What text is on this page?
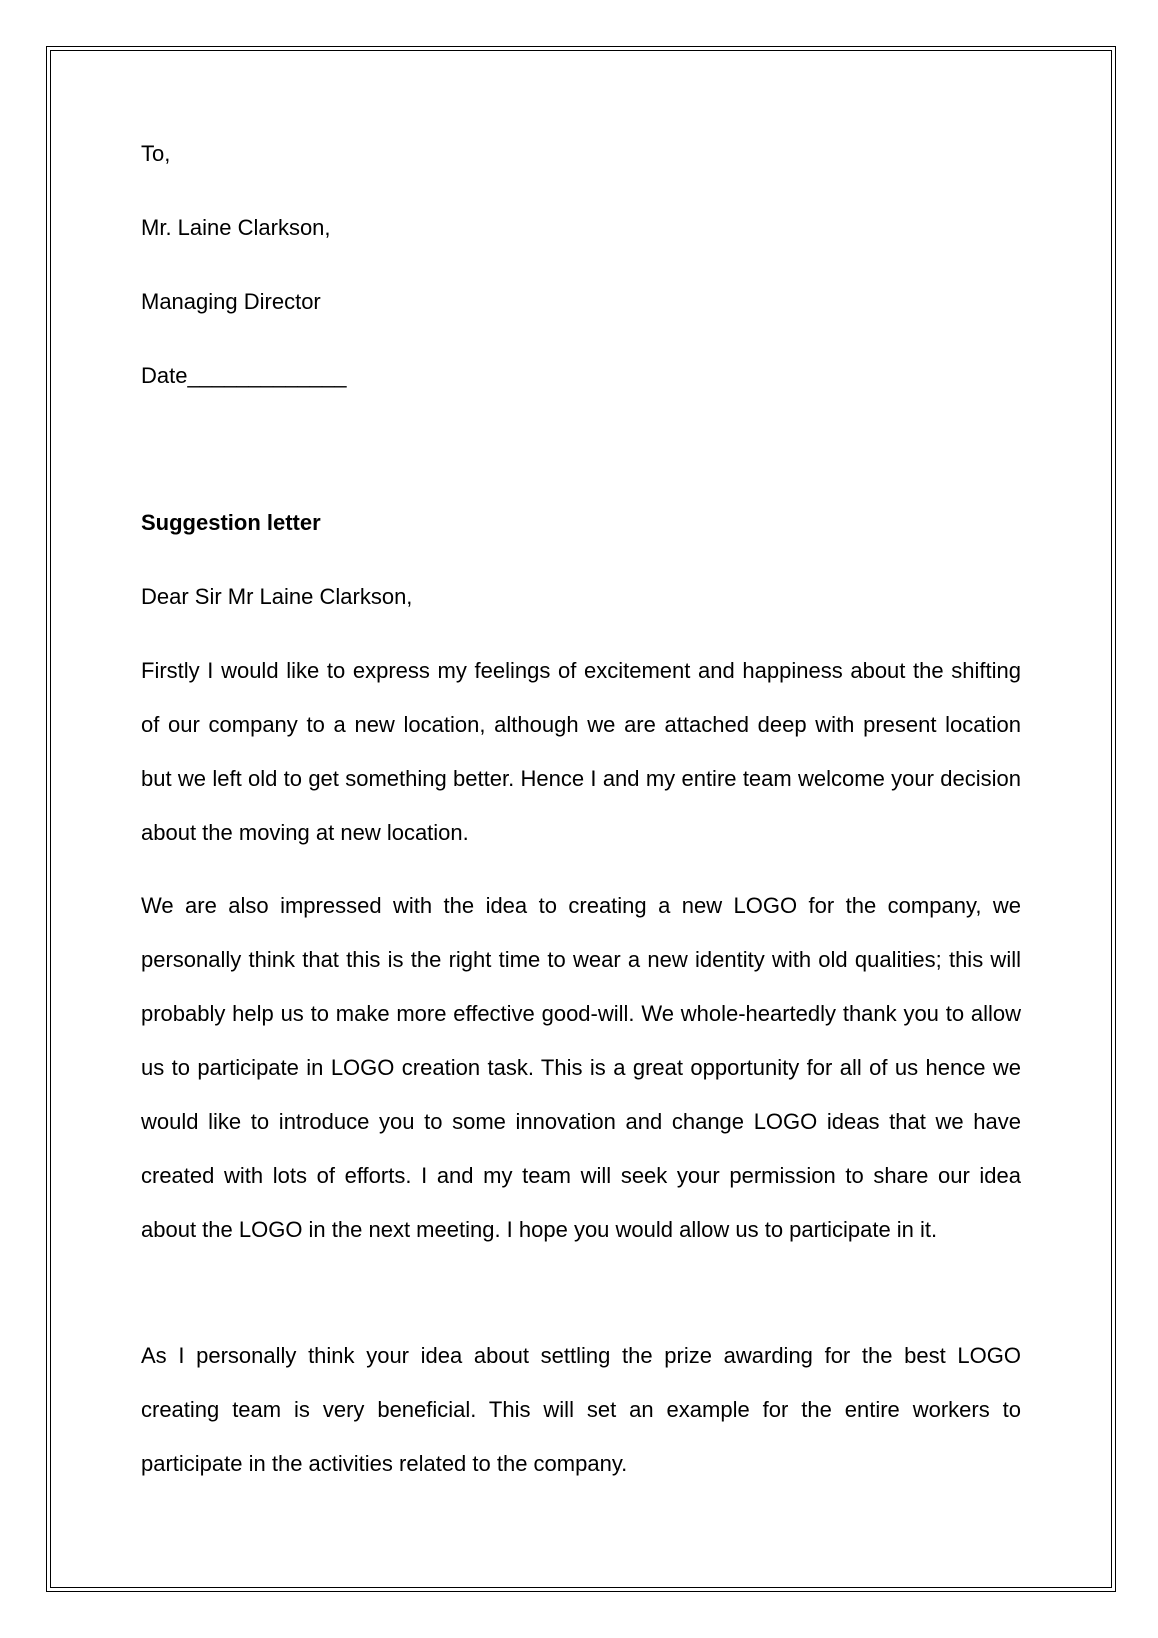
To,

Mr. Laine Clarkson,

Managing Director

Date_____________

Suggestion letter

Dear Sir Mr Laine Clarkson,

Firstly I would like to express my feelings of excitement and happiness about the shifting of our company to a new location, although we are attached deep with present location but we left old to get something better. Hence I and my entire team welcome your decision about the moving at new location.

We are also impressed with the idea to creating a new LOGO for the company, we personally think that this is the right time to wear a new identity with old qualities; this will probably help us to make more effective good-will. We whole-heartedly thank you to allow us to participate in LOGO creation task. This is a great opportunity for all of us hence we would like to introduce you to some innovation and change LOGO ideas that we have created with lots of efforts. I and my team will seek your permission to share our idea about the LOGO in the next meeting. I hope you would allow us to participate in it.

As I personally think your idea about settling the prize awarding for the best LOGO creating team is very beneficial. This will set an example for the entire workers to participate in the activities related to the company.
